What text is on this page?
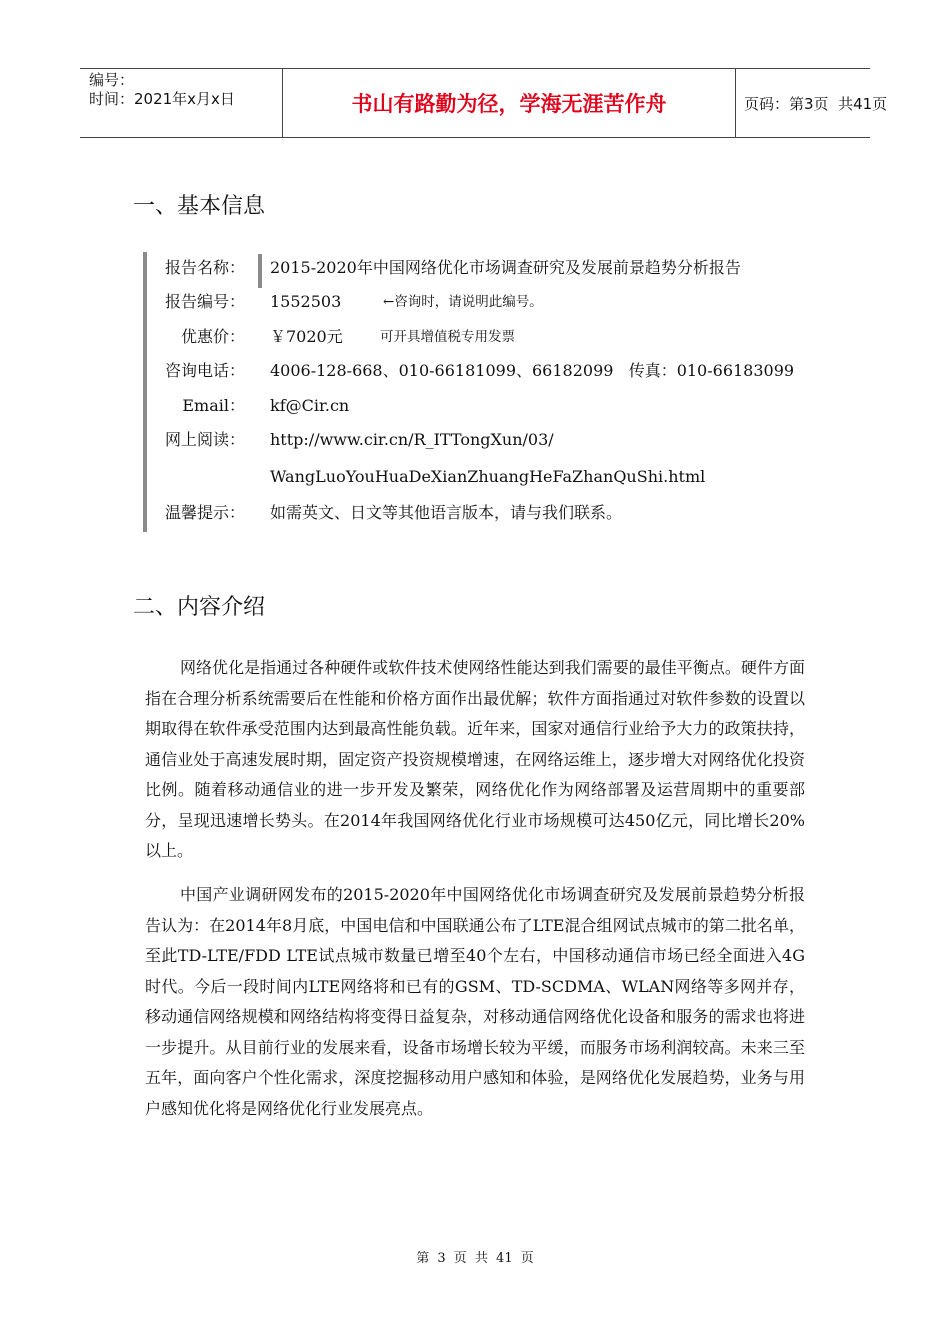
编号：
时间：2021年x月x日	书山有路勤为径，学海无涯苦作舟	页码：第3页  共41页
一、基本信息
报告名称： 2015-2020年中国网络优化市场调查研究及发展前景趋势分析报告
报告编号： 1552503	←咨询时，请说明此编号。
优惠价： ￥7020元	可开具增值税专用发票
咨询电话： 4006-128-668、010-66181099、66182099   传真：010-66183099
Email： kf@Cir.cn
网上阅读： http://www.cir.cn/R_ITTongXun/03/
WangLuoYouHuaDeXianZhuangHeFaZhanQuShi.html
温馨提示： 如需英文、日文等其他语言版本，请与我们联系。
二、内容介绍
网络优化是指通过各种硬件或软件技术使网络性能达到我们需要的最佳平衡点。硬件方面指在合理分析系统需要后在性能和价格方面作出最优解；软件方面指通过对软件参数的设置以期取得在软件承受范围内达到最高性能负载。近年来，国家对通信行业给予大力的政策扶持，通信业处于高速发展时期，固定资产投资规模增速，在网络运维上，逐步增大对网络优化投资比例。随着移动通信业的进一步开发及繁荣，网络优化作为网络部署及运营周期中的重要部分，呈现迅速增长势头。在2014年我国网络优化行业市场规模可达450亿元，同比增长20%以上。
中国产业调研网发布的2015-2020年中国网络优化市场调查研究及发展前景趋势分析报告认为：在2014年8月底，中国电信和中国联通公布了LTE混合组网试点城市的第二批名单，至此TD-LTE/FDD LTE试点城市数量已增至40个左右，中国移动通信市场已经全面进入4G时代。今后一段时间内LTE网络将和已有的GSM、TD-SCDMA、WLAN网络等多网并存，移动通信网络规模和网络结构将变得日益复杂，对移动通信网络优化设备和服务的需求也将进一步提升。从目前行业的发展来看，设备市场增长较为平缓，而服务市场利润较高。未来三至五年，面向客户个性化需求，深度挖掘移动用户感知和体验，是网络优化发展趋势，业务与用户感知优化将是网络优化行业发展亮点。
第 3 页 共 41 页
